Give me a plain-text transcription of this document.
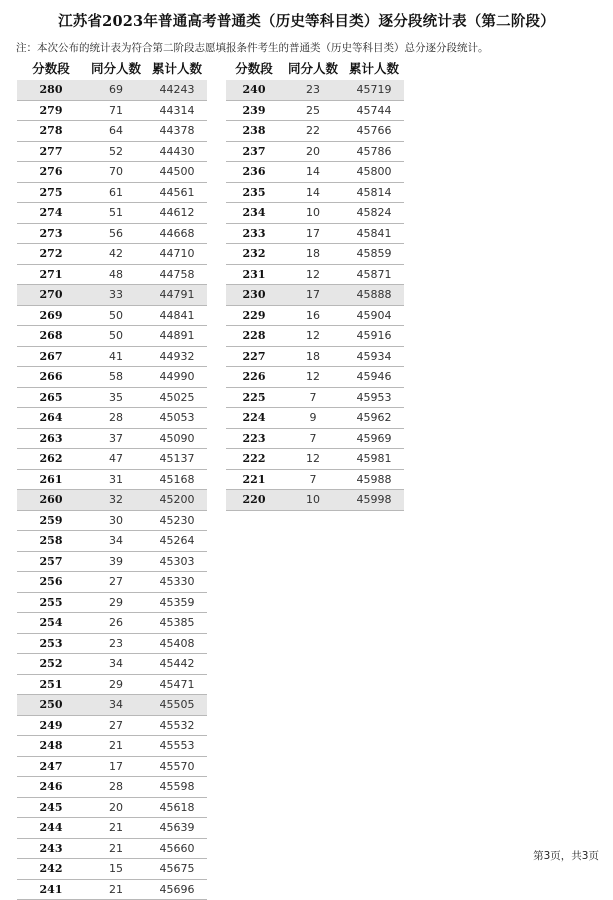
江苏省2023年普通高考普通类（历史等科目类）逐分段统计表（第二阶段）
注：本次公布的统计表为符合第二阶段志愿填报条件考生的普通类（历史等科目类）总分逐分段统计。
分数段	同分人数	累计人数
280	69	44243
279	71	44314
278	64	44378
277	52	44430
276	70	44500
275	61	44561
274	51	44612
273	56	44668
272	42	44710
271	48	44758
270	33	44791
269	50	44841
268	50	44891
267	41	44932
266	58	44990
265	35	45025
264	28	45053
263	37	45090
262	47	45137
261	31	45168
260	32	45200
259	30	45230
258	34	45264
257	39	45303
256	27	45330
255	29	45359
254	26	45385
253	23	45408
252	34	45442
251	29	45471
250	34	45505
249	27	45532
248	21	45553
247	17	45570
246	28	45598
245	20	45618
244	21	45639
243	21	45660
242	15	45675
241	21	45696
分数段	同分人数	累计人数
240	23	45719
239	25	45744
238	22	45766
237	20	45786
236	14	45800
235	14	45814
234	10	45824
233	17	45841
232	18	45859
231	12	45871
230	17	45888
229	16	45904
228	12	45916
227	18	45934
226	12	45946
225	7	45953
224	9	45962
223	7	45969
222	12	45981
221	7	45988
220	10	45998
第3页，共3页
